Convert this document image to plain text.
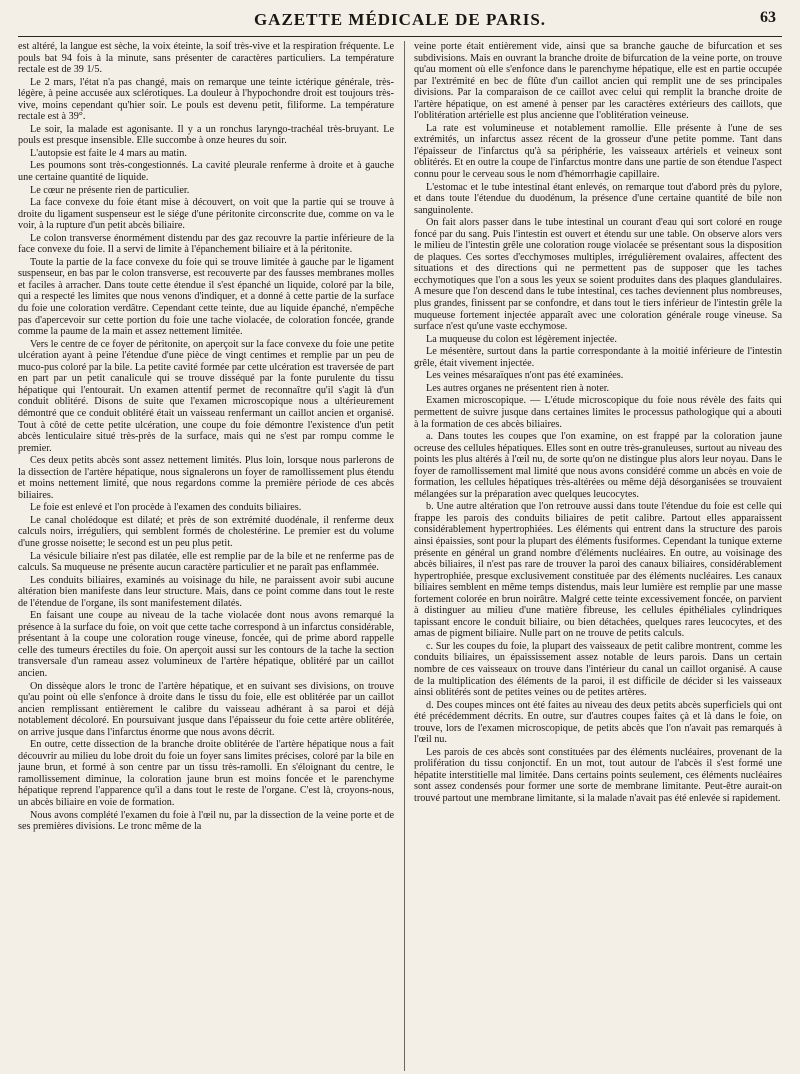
GAZETTE MÉDICALE DE PARIS.	63

est altéré, la langue est sèche, la voix éteinte, la soif très-vive et la respiration fréquente. Le pouls bat 94 fois à la minute, sans présenter de caractères particuliers. La température rectale est de 39 1/5.

Le 2 mars, l'état n'a pas changé, mais on remarque une teinte ictérique générale, très-légère, à peine accusée aux sclérotiques. La douleur à l'hypochondre droit est toujours très-vive, moins cependant qu'hier soir. Le pouls est devenu petit, filiforme. La température rectale est à 39°.

Le soir, la malade est agonisante. Il y a un ronchus laryngo-trachéal très-bruyant. Le pouls est presque insensible. Elle succombe à onze heures du soir.

L'autopsie est faite le 4 mars au matin.

Les poumons sont très-congestionnés. La cavité pleurale renferme à droite et à gauche une certaine quantité de liquide.

Le cœur ne présente rien de particulier.

La face convexe du foie étant mise à découvert, on voit que la partie qui se trouve à droite du ligament suspenseur est le siége d'une péritonite circonscrite due, comme on va le voir, à la rupture d'un petit abcès biliaire.

Le colon transverse énormément distendu par des gaz recouvre la partie inférieure de la face convexe du foie. Il a servi de limite à l'épanchement biliaire et à la péritonite.

Toute la partie de la face convexe du foie qui se trouve limitée à gauche par le ligament suspenseur, en bas par le colon transverse, est recouverte par des fausses membranes molles et faciles à arracher. Dans toute cette étendue il s'est épanché un liquide, coloré par la bile, qui a respecté les limites que nous venons d'indiquer, et a donné à cette partie de la surface du foie une coloration verdâtre. Cependant cette teinte, due au liquide épanché, n'empêche pas d'apercevoir sur cette portion du foie une tache violacée, de coloration foncée, grande comme la paume de la main et assez nettement limitée.

Vers le centre de ce foyer de péritonite, on aperçoit sur la face convexe du foie une petite ulcération ayant à peine l'étendue d'une pièce de vingt centimes et remplie par un peu de muco-pus coloré par la bile. La petite cavité formée par cette ulcération est traversée de part en part par un petit canalicule qui se trouve disséqué par la fonte purulente du tissu hépatique qui l'entourait. Un examen attentif permet de reconnaître qu'il s'agit là d'un conduit oblitéré. Disons de suite que l'examen microscopique nous a ultérieurement démontré que ce conduit oblitéré était un vaisseau renfermant un caillot ancien et organisé. Tout à côté de cette petite ulcération, une coupe du foie démontre l'existence d'un petit abcès lenticulaire situé très-près de la surface, mais qui ne s'est par rompu comme le premier.

Ces deux petits abcès sont assez nettement limités. Plus loin, lorsque nous parlerons de la dissection de l'artère hépatique, nous signalerons un foyer de ramollissement plus étendu et moins nettement limité, que nous regardons comme la première période de ces abcès biliaires.

Le foie est enlevé et l'on procède à l'examen des conduits biliaires.

Le canal cholédoque est dilaté; et près de son extrémité duodénale, il renferme deux calculs noirs, irréguliers, qui semblent formés de cholestérine. Le premier est du volume d'une grosse noisette; le second est un peu plus petit.

La vésicule biliaire n'est pas dilatée, elle est remplie par de la bile et ne renferme pas de calculs. Sa muqueuse ne présente aucun caractère particulier et ne paraît pas enflammée.

Les conduits biliaires, examinés au voisinage du hile, ne paraissent avoir subi aucune altération bien manifeste dans leur structure. Mais, dans ce point comme dans tout le reste de l'étendue de l'organe, ils sont manifestement dilatés.

En faisant une coupe au niveau de la tache violacée dont nous avons remarqué la présence à la surface du foie, on voit que cette tache correspond à un infarctus considérable, présentant à la coupe une coloration rouge vineuse, foncée, qui de prime abord rappelle celle des tumeurs érectiles du foie. On aperçoit aussi sur les contours de la tache la section transversale d'un rameau assez volumineux de l'artère hépatique, oblitéré par un caillot ancien.

On dissèque alors le tronc de l'artère hépatique, et en suivant ses divisions, on trouve qu'au point où elle s'enfonce à droite dans le tissu du foie, elle est oblitérée par un caillot ancien remplissant entièrement le calibre du vaisseau adhérant à sa paroi et déjà notablement décoloré. En poursuivant jusque dans l'épaisseur du foie cette artère oblitérée, on arrive jusque dans l'infarctus énorme que nous avons décrit.

En outre, cette dissection de la branche droite oblitérée de l'artère hépatique nous a fait découvrir au milieu du lobe droit du foie un foyer sans limites précises, coloré par la bile en jaune brun, et formé à son centre par un tissu très-ramolli. En s'éloignant du centre, le ramollissement diminue, la coloration jaune brun est moins foncée et le parenchyme hépatique reprend l'apparence qu'il a dans tout le reste de l'organe. C'est là, croyons-nous, un abcès biliaire en voie de formation.

Nous avons complété l'examen du foie à l'œil nu, par la dissection de la veine porte et de ses premières divisions. Le tronc même de la

veine porte était entièrement vide, ainsi que sa branche gauche de bifurcation et ses subdivisions. Mais en ouvrant la branche droite de bifurcation de la veine porte, on trouve qu'au moment où elle s'enfonce dans le parenchyme hépatique, elle est en partie occupée par l'extrémité en bec de flûte d'un caillot ancien qui remplit une de ses principales divisions. Par la comparaison de ce caillot avec celui qui remplit la branche droite de l'artère hépatique, on est amené à penser par les caractères extérieurs des caillots, que l'oblitération artérielle est plus ancienne que l'oblitération veineuse.

La rate est volumineuse et notablement ramollie. Elle présente à l'une de ses extrémités, un infarctus assez récent de la grosseur d'une petite pomme. Tant dans l'épaisseur de l'infarctus qu'à sa périphérie, les vaisseaux artériels et veineux sont oblitérés. Et en outre la coupe de l'infarctus montre dans une partie de son étendue l'aspect connu pour le cerveau sous le nom d'hémorrhagie capillaire.

L'estomac et le tube intestinal étant enlevés, on remarque tout d'abord près du pylore, et dans toute l'étendue du duodénum, la présence d'une certaine quantité de bile non sanguinolente.

On fait alors passer dans le tube intestinal un courant d'eau qui sort coloré en rouge foncé par du sang. Puis l'intestin est ouvert et étendu sur une table. On observe alors vers le milieu de l'intestin grêle une coloration rouge violacée se présentant sous la disposition de plaques. Ces sortes d'ecchymoses multiples, irrégulièrement ovalaires, affectent des situations et des directions qui ne permettent pas de supposer que les taches ecchymotiques que l'on a sous les yeux se soient produites dans des plaques glandulaires. A mesure que l'on descend dans le tube intestinal, ces taches deviennent plus nombreuses, plus grandes, finissent par se confondre, et dans tout le tiers inférieur de l'intestin grêle la muqueuse fortement injectée apparaît avec une coloration générale rouge vineuse. Sa surface n'est qu'une vaste ecchymose.

La muqueuse du colon est légèrement injectée.

Le mésentère, surtout dans la partie correspondante à la moitié inférieure de l'intestin grêle, était vivement injectée.

Les veines mésaraïques n'ont pas été examinées.

Les autres organes ne présentent rien à noter.

Examen microscopique. — L'étude microscopique du foie nous révèle des faits qui permettent de suivre jusque dans certaines limites le processus pathologique qui a abouti à la formation de ces abcès biliaires.

a. Dans toutes les coupes que l'on examine, on est frappé par la coloration jaune ocreuse des cellules hépatiques. Elles sont en outre très-granuleuses, surtout au niveau des points les plus altérés à l'œil nu, de sorte qu'on ne distingue plus alors leur noyau. Dans le foyer de ramollissement mal limité que nous avons considéré comme un abcès en voie de formation, les cellules hépatiques très-altérées ou même déjà désorganisées se trouvaient mélangées sur la préparation avec quelques leucocytes.

b. Une autre altération que l'on retrouve aussi dans toute l'étendue du foie est celle qui frappe les parois des conduits biliaires de petit calibre. Partout elles apparaissent considérablement hypertrophiées. Les éléments qui entrent dans la structure des parois ainsi épaissies, sont pour la plupart des éléments fusiformes. Cependant la tunique externe présente en général un grand nombre d'éléments nucléaires. En outre, au voisinage des abcès biliaires, il n'est pas rare de trouver la paroi des canaux biliaires, considérablement hypertrophiée, presque exclusivement constituée par des éléments nucléaires. Les canaux biliaires semblent en même temps distendus, mais leur lumière est remplie par une masse fortement colorée en brun noirâtre. Malgré cette teinte excessivement foncée, on parvient à distinguer au milieu d'une matière fibreuse, les cellules épithéliales cylindriques tapissant encore le conduit biliaire, ou bien détachées, quelques rares leucocytes, et des amas de pigment biliaire. Nulle part on ne trouve de petits calculs.

c. Sur les coupes du foie, la plupart des vaisseaux de petit calibre montrent, comme les conduits biliaires, un épaississement assez notable de leurs parois. Dans un certain nombre de ces vaisseaux on trouve dans l'intérieur du canal un caillot organisé. A cause de la multiplication des éléments de la paroi, il est difficile de décider si les vaisseaux ainsi oblitérés sont de petites veines ou de petites artères.

d. Des coupes minces ont été faites au niveau des deux petits abcès superficiels qui ont été précédemment décrits. En outre, sur d'autres coupes faites çà et là dans le foie, on trouve, lors de l'examen microscopique, de petits abcès que l'on n'avait pas remarqués à l'œil nu.

Les parois de ces abcès sont constituées par des éléments nucléaires, provenant de la prolifération du tissu conjonctif. En un mot, tout autour de l'abcès il s'est formé une hépatite interstitielle mal limitée. Dans certains points seulement, ces éléments nucléaires sont assez condensés pour former une sorte de membrane limitante. Peut-être aurait-on trouvé partout une membrane limitante, si la malade n'avait pas été enlevée si rapidement.
